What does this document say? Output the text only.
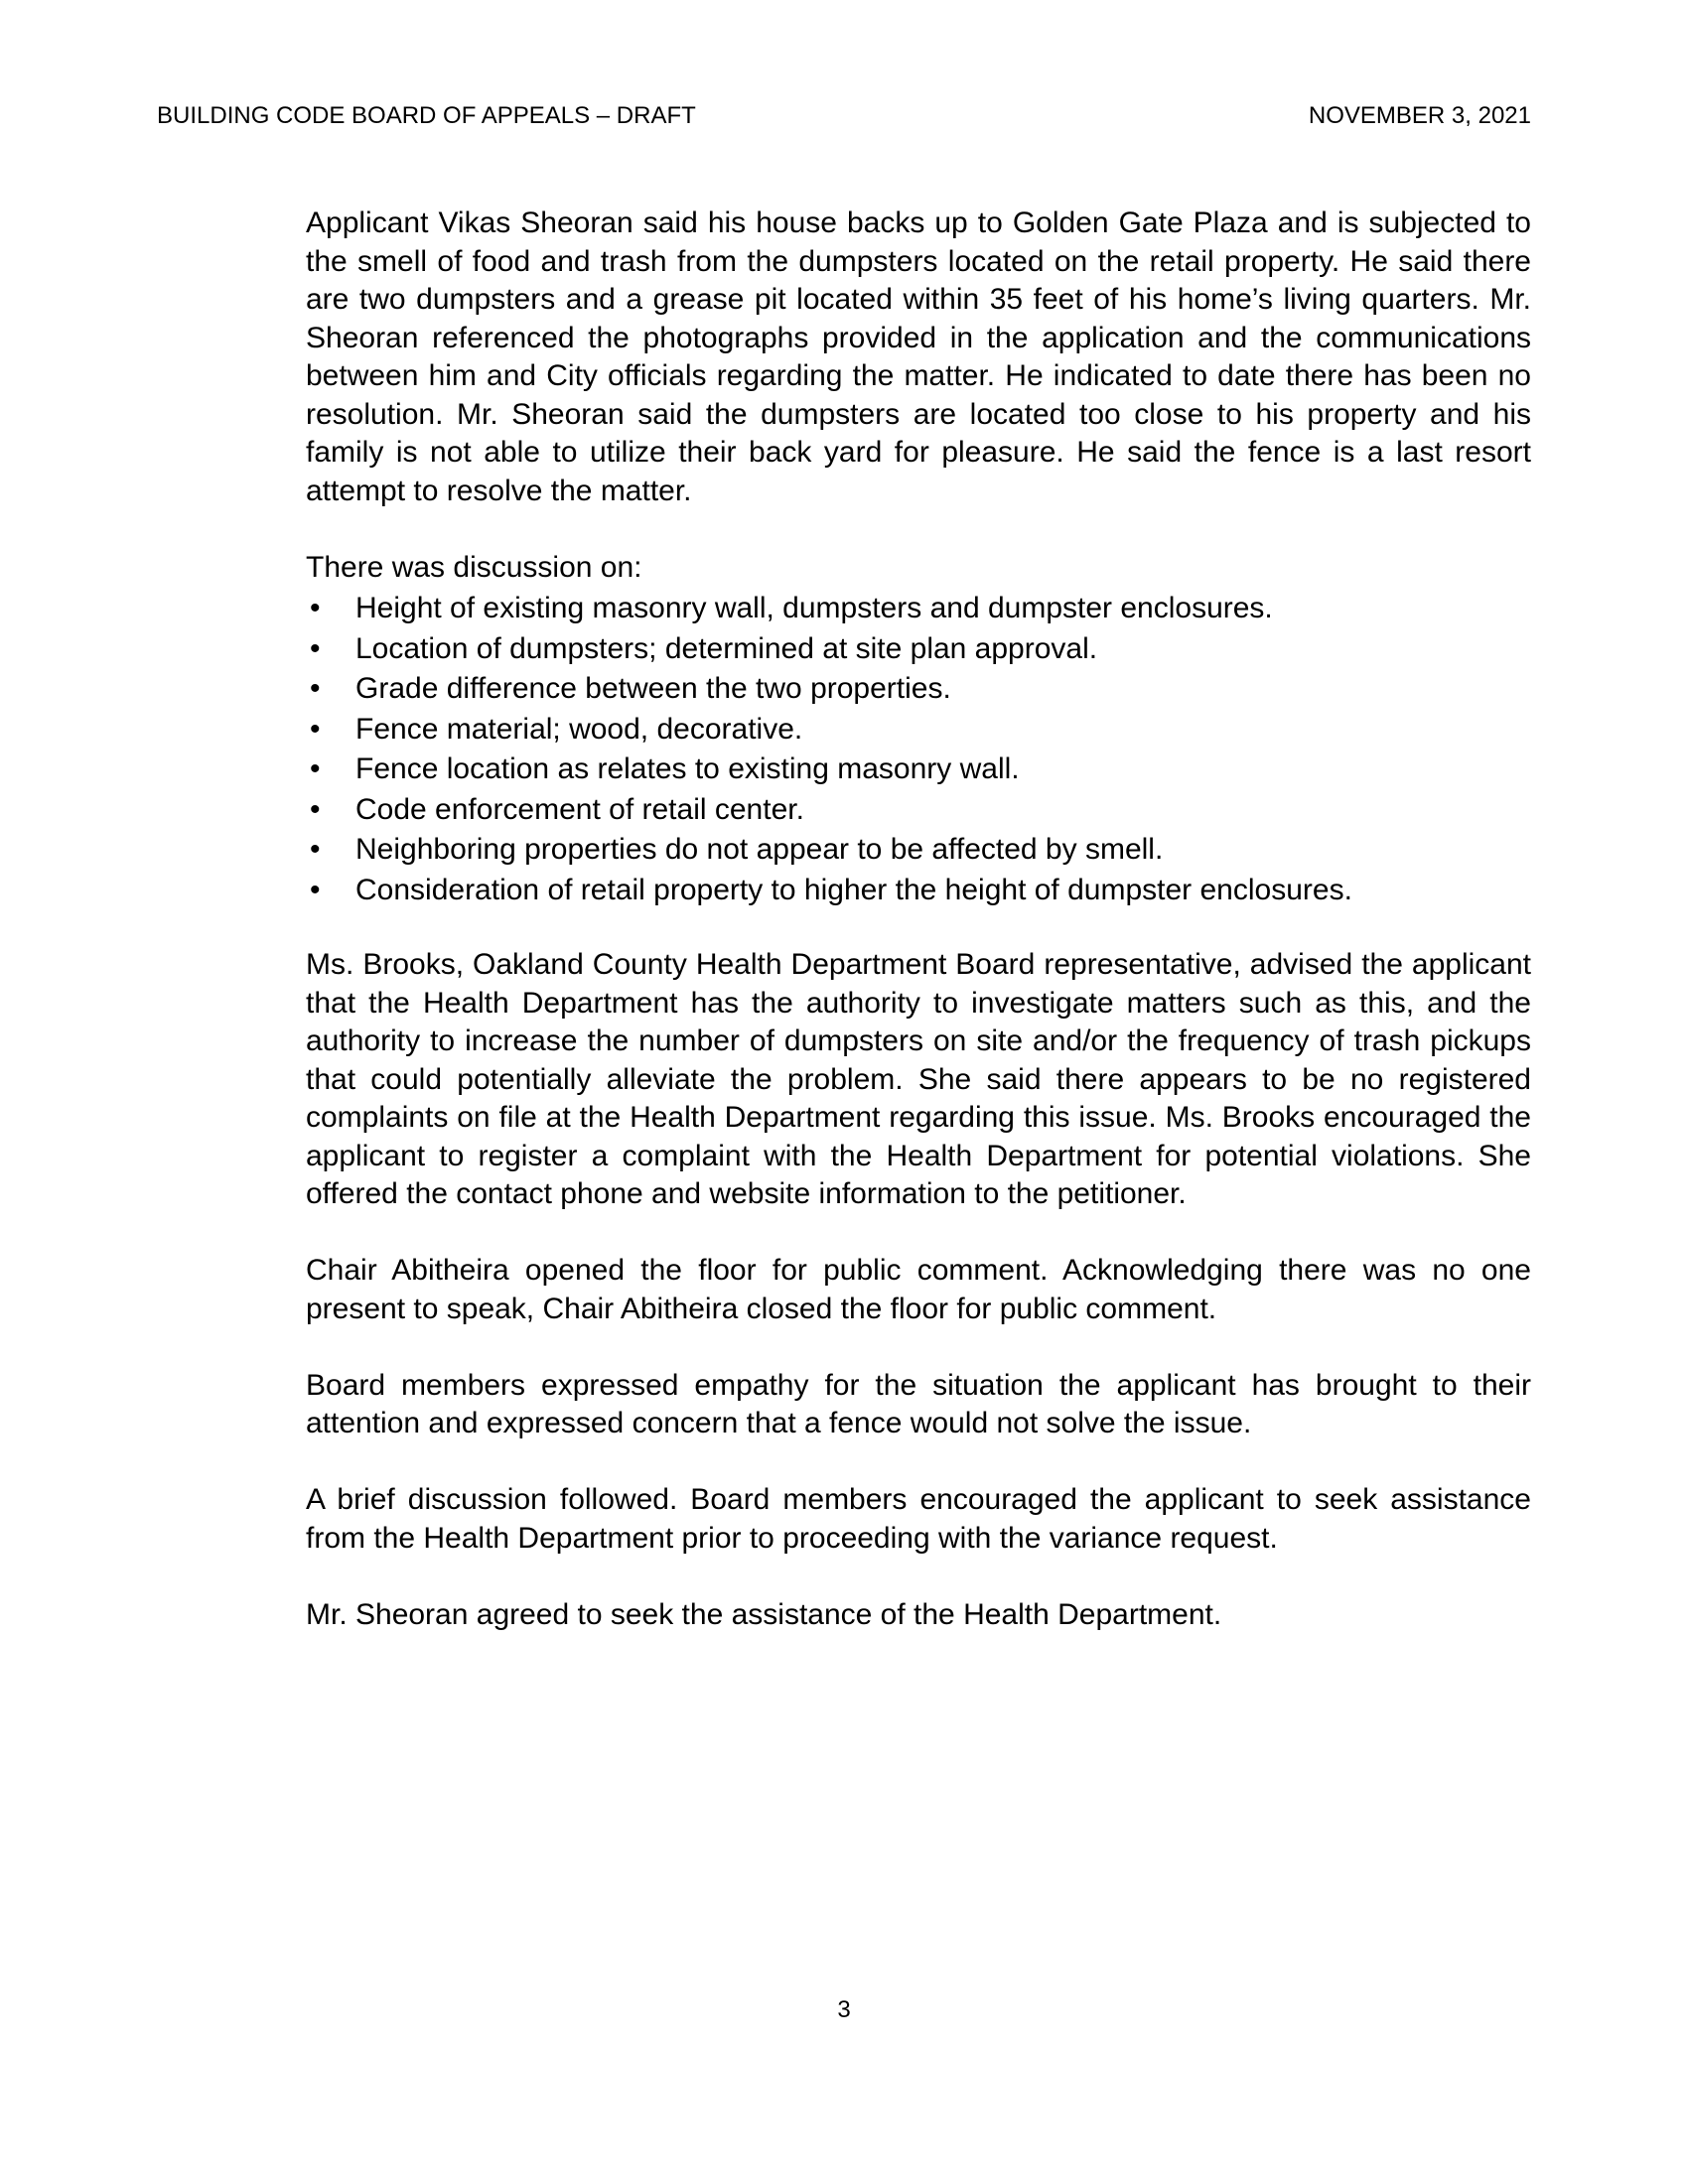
BUILDING CODE BOARD OF APPEALS – DRAFT	NOVEMBER 3, 2021

Applicant Vikas Sheoran said his house backs up to Golden Gate Plaza and is subjected to the smell of food and trash from the dumpsters located on the retail property. He said there are two dumpsters and a grease pit located within 35 feet of his home’s living quarters. Mr. Sheoran referenced the photographs provided in the application and the communications between him and City officials regarding the matter. He indicated to date there has been no resolution. Mr. Sheoran said the dumpsters are located too close to his property and his family is not able to utilize their back yard for pleasure. He said the fence is a last resort attempt to resolve the matter.

There was discussion on:

•	Height of existing masonry wall, dumpsters and dumpster enclosures.
•	Location of dumpsters; determined at site plan approval.
•	Grade difference between the two properties.
•	Fence material; wood, decorative.
•	Fence location as relates to existing masonry wall.
•	Code enforcement of retail center.
•	Neighboring properties do not appear to be affected by smell.
•	Consideration of retail property to higher the height of dumpster enclosures.

Ms. Brooks, Oakland County Health Department Board representative, advised the applicant that the Health Department has the authority to investigate matters such as this, and the authority to increase the number of dumpsters on site and/or the frequency of trash pickups that could potentially alleviate the problem. She said there appears to be no registered complaints on file at the Health Department regarding this issue. Ms. Brooks encouraged the applicant to register a complaint with the Health Department for potential violations. She offered the contact phone and website information to the petitioner.

Chair Abitheira opened the floor for public comment. Acknowledging there was no one present to speak, Chair Abitheira closed the floor for public comment.

Board members expressed empathy for the situation the applicant has brought to their attention and expressed concern that a fence would not solve the issue.

A brief discussion followed. Board members encouraged the applicant to seek assistance from the Health Department prior to proceeding with the variance request.

Mr. Sheoran agreed to seek the assistance of the Health Department.

3
